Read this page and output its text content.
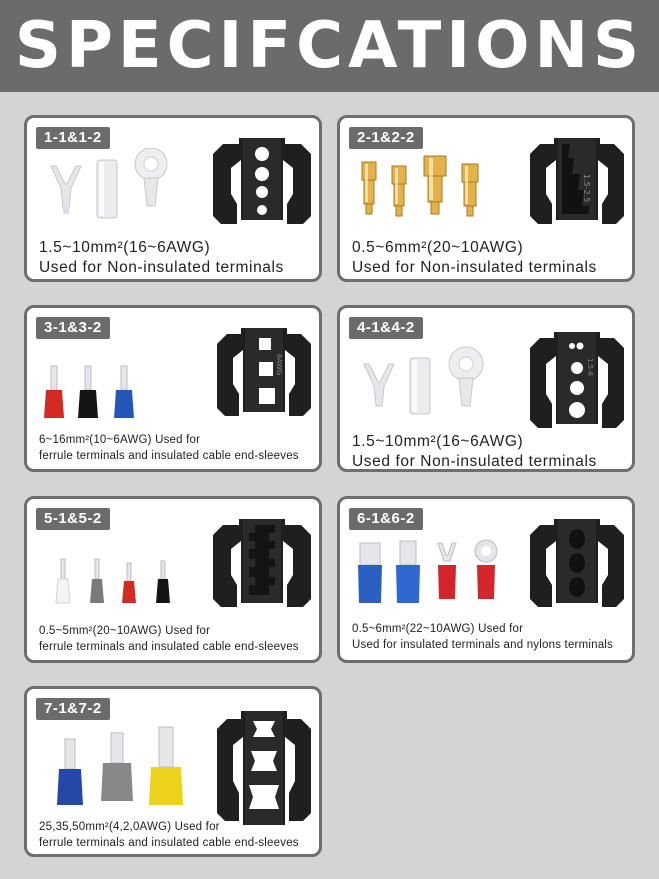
SPECIFCATIONS
1-1&1-2
1.5~10mm²(16~6AWG)
Used for Non-insulated terminals
2-1&2-2
1.5-2.5
0.5~6mm²(20~10AWG)
Used for Non-insulated terminals
3-1&3-2
6AWG
6~16mm²(10~6AWG) Used for
ferrule terminals and insulated cable end-sleeves
4-1&4-2
1.5-6
1.5~10mm²(16~6AWG)
Used for Non-insulated terminals
5-1&5-2
0.5~5mm²(20~10AWG) Used for
ferrule terminals and insulated cable end-sleeves
6-1&6-2
0.5~6mm²(22~10AWG) Used for
Used for insulated terminals and nylons terminals
7-1&7-2
25,35,50mm²(4,2,0AWG) Used for
ferrule terminals and insulated cable end-sleeves
